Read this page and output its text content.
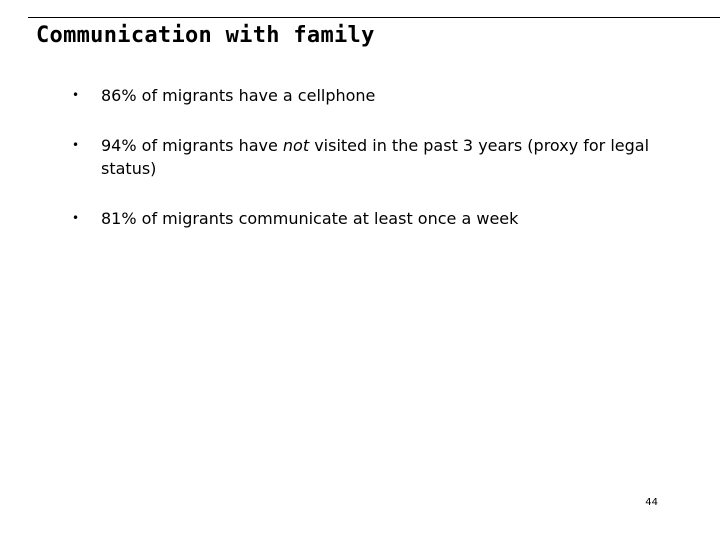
Communication with family
• 86% of migrants have a cellphone
• 94% of migrants have not visited in the past 3 years (proxy for legal status)
• 81% of migrants communicate at least once a week
44
